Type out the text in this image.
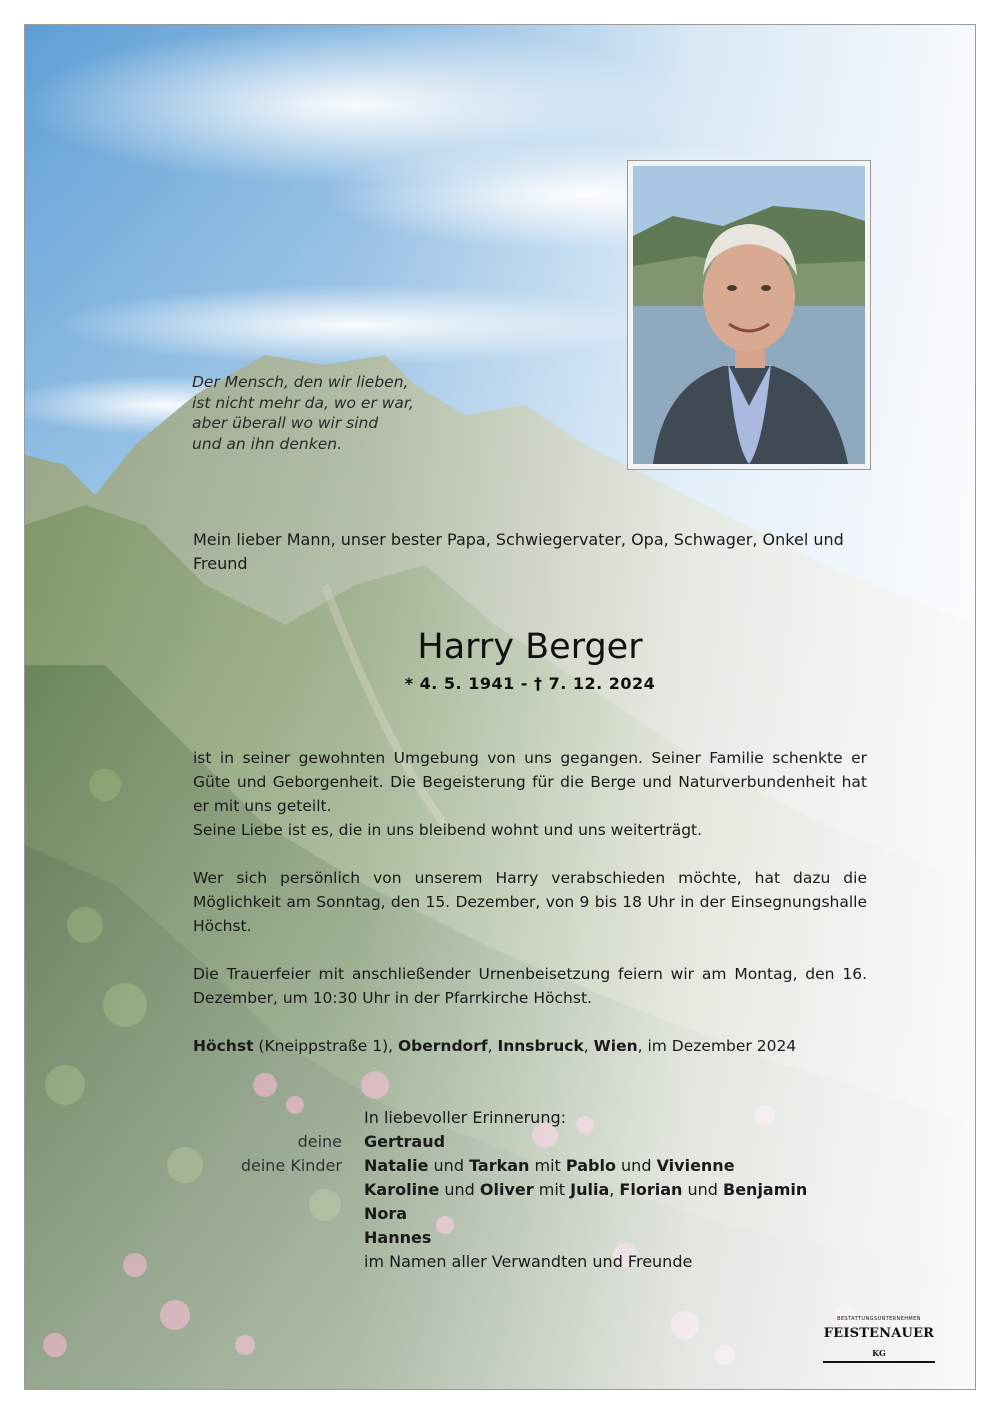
Der Mensch, den wir lieben,
ist nicht mehr da, wo er war,
aber überall wo wir sind
und an ihn denken.
Mein lieber Mann, unser bester Papa, Schwiegervater, Opa, Schwager, Onkel und Freund
Harry Berger
* 4. 5. 1941 - † 7. 12. 2024

ist in seiner gewohnten Umgebung von uns gegangen. Seiner Familie schenkte er Güte und Geborgenheit. Die Begeisterung für die Berge und Naturverbundenheit hat er mit uns geteilt.
Seine Liebe ist es, die in uns bleibend wohnt und uns weiterträgt.

Wer sich persönlich von unserem Harry verabschieden möchte, hat dazu die Möglichkeit am Sonntag, den 15. Dezember, von 9 bis 18 Uhr in der Einsegnungshalle Höchst.

Die Trauerfeier mit anschließender Urnenbeisetzung feiern wir am Montag, den 16. Dezember, um 10:30 Uhr in der Pfarrkirche Höchst.

Höchst (Kneippstraße 1), Oberndorf, Innsbruck, Wien, im Dezember 2024

In liebevoller Erinnerung:
deine	Gertraud
deine Kinder	Natalie und Tarkan mit Pablo und Vivienne
Karoline und Oliver mit Julia, Florian und Benjamin
Nora
Hannes
im Namen aller Verwandten und Freunde
BESTATTUNGSUNTERNEHMEN
FEISTENAUER KG
